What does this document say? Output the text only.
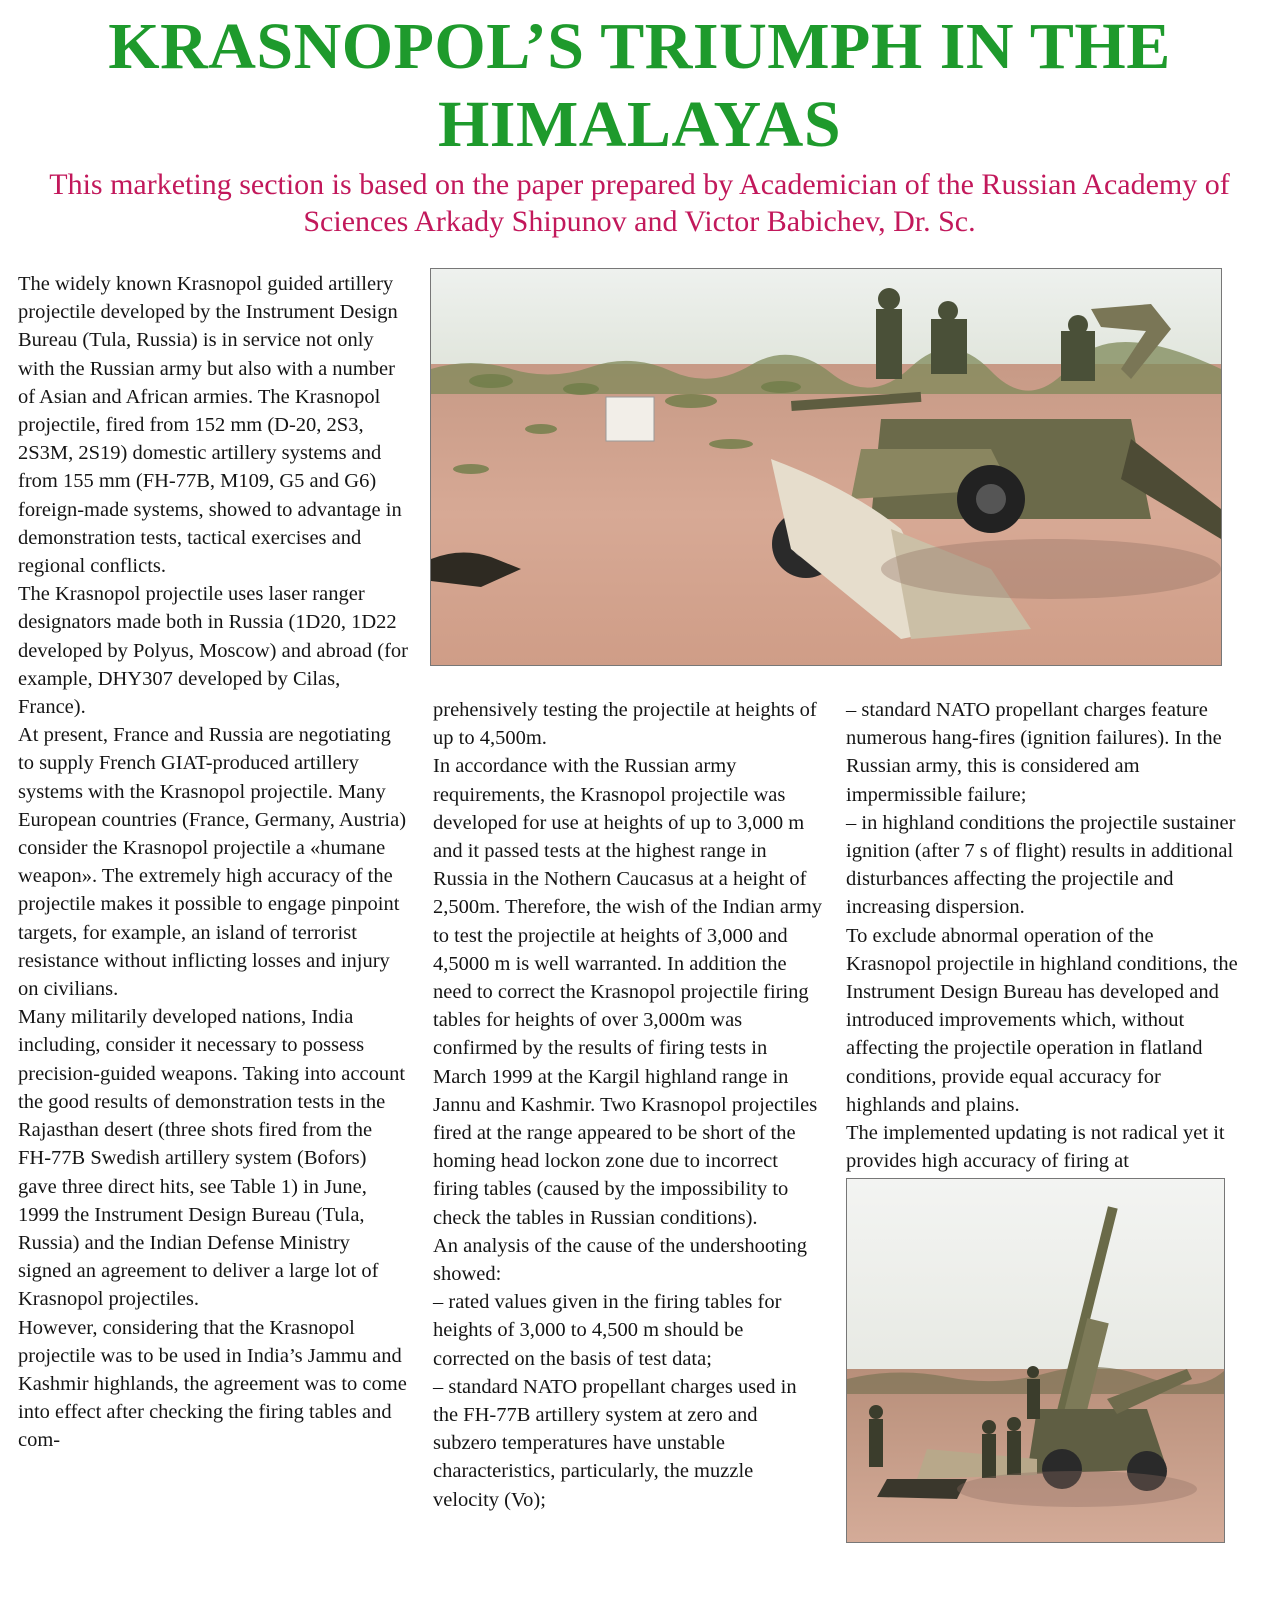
KRASNOPOL’S TRIUMPH IN THE HIMALAYAS

This marketing section is based on the paper prepared by Academician of the Russian Academy of Sciences Arkady Shipunov and Victor Babichev, Dr. Sc.

The widely known Krasnopol guided artillery projectile developed by the Instrument Design Bureau (Tula, Russia) is in service not only with the Russian army but also with a number of Asian and African armies. The Krasnopol projectile, fired from 152 mm (D-20, 2S3, 2S3M, 2S19) domestic artillery systems and from 155 mm (FH-77B, M109, G5 and G6) foreign-made systems, showed to advantage in demonstration tests, tactical exercises and regional conflicts.

The Krasnopol projectile uses laser ranger designators made both in Russia (1D20, 1D22 developed by Polyus, Moscow) and abroad (for example, DHY307 developed by Cilas, France).

At present, France and Russia are negotiating to supply French GIAT-produced artillery systems with the Krasnopol projectile. Many European countries (France, Germany, Austria) consider the Krasnopol projectile a «humane weapon». The extremely high accuracy of the projectile makes it possible to engage pinpoint targets, for example, an island of terrorist resistance without inflicting losses and injury on civilians.

Many militarily developed nations, India including, consider it necessary to possess precision-guided weapons. Taking into account the good results of demonstration tests in the Rajasthan desert (three shots fired from the FH-77B Swedish artillery system (Bofors) gave three direct hits, see Table 1) in June, 1999 the Instrument Design Bureau (Tula, Russia) and the Indian Defense Ministry signed an agreement to deliver a large lot of Krasnopol projectiles.

However, considering that the Krasnopol projectile was to be used in India’s Jammu and Kashmir highlands, the agreement was to come into effect after checking the firing tables and com-

prehensively testing the projectile at heights of up to 4,500m.

In accordance with the Russian army requirements, the Krasnopol projectile was developed for use at heights of up to 3,000 m and it passed tests at the highest range in Russia in the Nothern Caucasus at a height of 2,500m. Therefore, the wish of the Indian army to test the projectile at heights of 3,000 and 4,5000 m is well warranted. In addition the need to correct the Krasnopol projectile firing tables for heights of over 3,000m was confirmed by the results of firing tests in March 1999 at the Kargil highland range in Jannu and Kashmir. Two Krasnopol projectiles fired at the range appeared to be short of the homing head lockon zone due to incorrect firing tables (caused by the impossibility to check the tables in Russian conditions).

An analysis of the cause of the undershooting showed:

– rated values given in the firing tables for heights of 3,000 to 4,500 m should be corrected on the basis of test data;

– standard NATO propellant charges used in the FH-77B artillery system at zero and subzero temperatures have unstable characteristics, particularly, the muzzle velocity (Vo);

– standard NATO propellant charges feature numerous hang-fires (ignition failures). In the Russian army, this is considered am impermissible failure;

– in highland conditions the projectile sustainer ignition (after 7 s of flight) results in additional disturbances affecting the projectile and increasing dispersion.

To exclude abnormal operation of the Krasnopol projectile in highland conditions, the Instrument Design Bureau has developed and introduced improvements which, without affecting the projectile operation in flatland conditions, provide equal accuracy for highlands and plains.

The implemented updating is not radical yet it provides high accuracy of firing at
